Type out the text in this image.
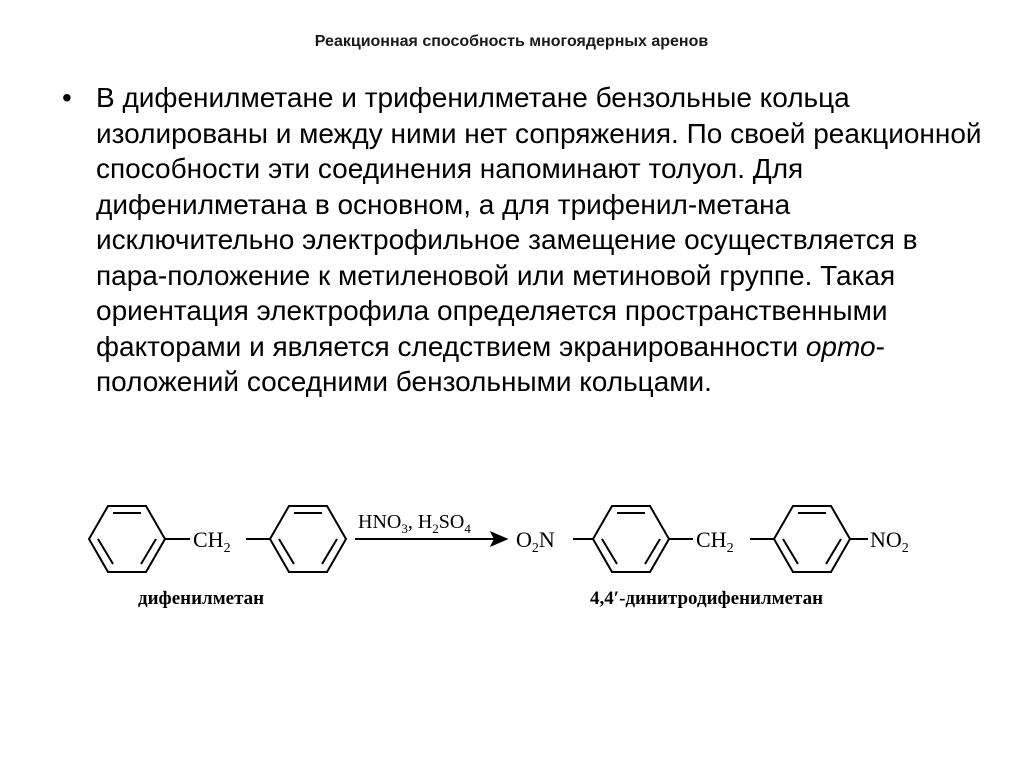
Реакционная способность многоядерных аренов
• В дифенилметане и трифенилметане бензольные кольца изолированы и между ними нет сопряжения. По своей реакционной способности эти соединения напоминают толуол. Для дифенилметана в основном, а для трифенил-метана исключительно электрофильное замещение осуществляется в пара-положение к метиленовой или метиновой группе. Такая ориентация электрофила определяется пространственными факторами и является следствием экранированности орто-положений соседними бензольными кольцами.
$CH_2$
$HNO_3$, $H_2SO_4$ $O_2N$	$CH_2$	$NO_2$
дифенилметан	4,4′-динитродифенилметан
